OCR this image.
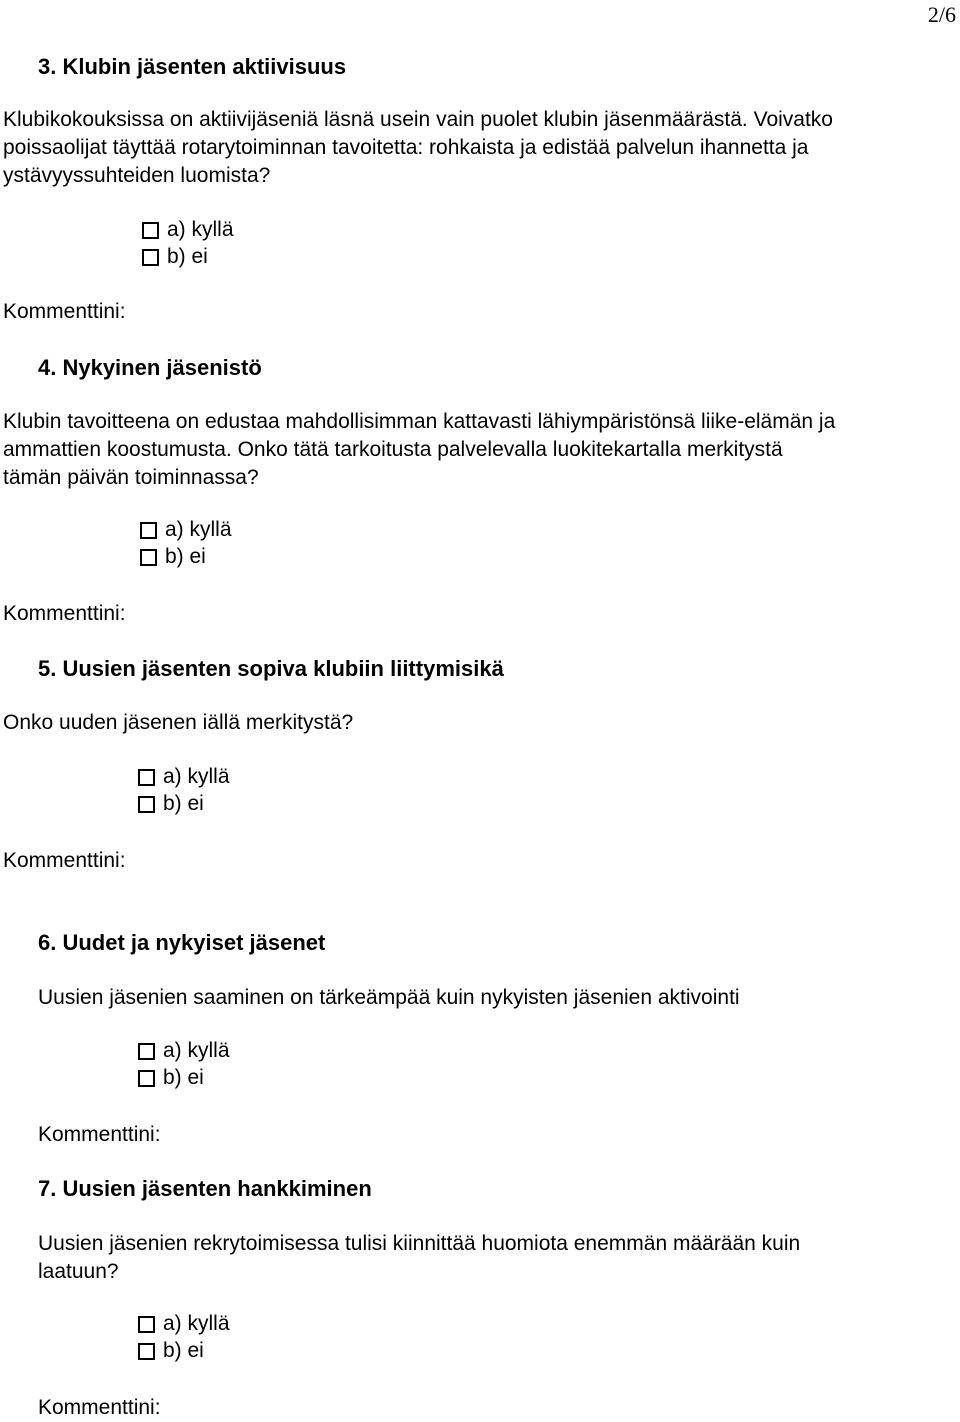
2/6
3. Klubin jäsenten aktiivisuus
Klubikokouksissa on aktiivijäseniä läsnä usein vain puolet klubin jäsenmäärästä. Voivatko
poissaolijat täyttää rotarytoiminnan tavoitetta: rohkaista ja edistää palvelun ihannetta ja
ystävyyssuhteiden luomista?
a) kyllä
b) ei
Kommenttini:
4. Nykyinen jäsenistö
Klubin tavoitteena on edustaa mahdollisimman kattavasti lähiympäristönsä liike-elämän ja
ammattien koostumusta. Onko tätä tarkoitusta palvelevalla luokitekartalla merkitystä
tämän päivän toiminnassa?
a) kyllä
b) ei
Kommenttini:
5. Uusien jäsenten sopiva klubiin liittymisikä
Onko uuden jäsenen iällä merkitystä?
a) kyllä
b) ei
Kommenttini:
6. Uudet ja nykyiset jäsenet
Uusien jäsenien saaminen on tärkeämpää kuin nykyisten jäsenien aktivointi
a) kyllä
b) ei
Kommenttini:
7. Uusien jäsenten hankkiminen
Uusien jäsenien rekrytoimisessa tulisi kiinnittää huomiota enemmän määrään kuin
laatuun?
a) kyllä
b) ei
Kommenttini:
